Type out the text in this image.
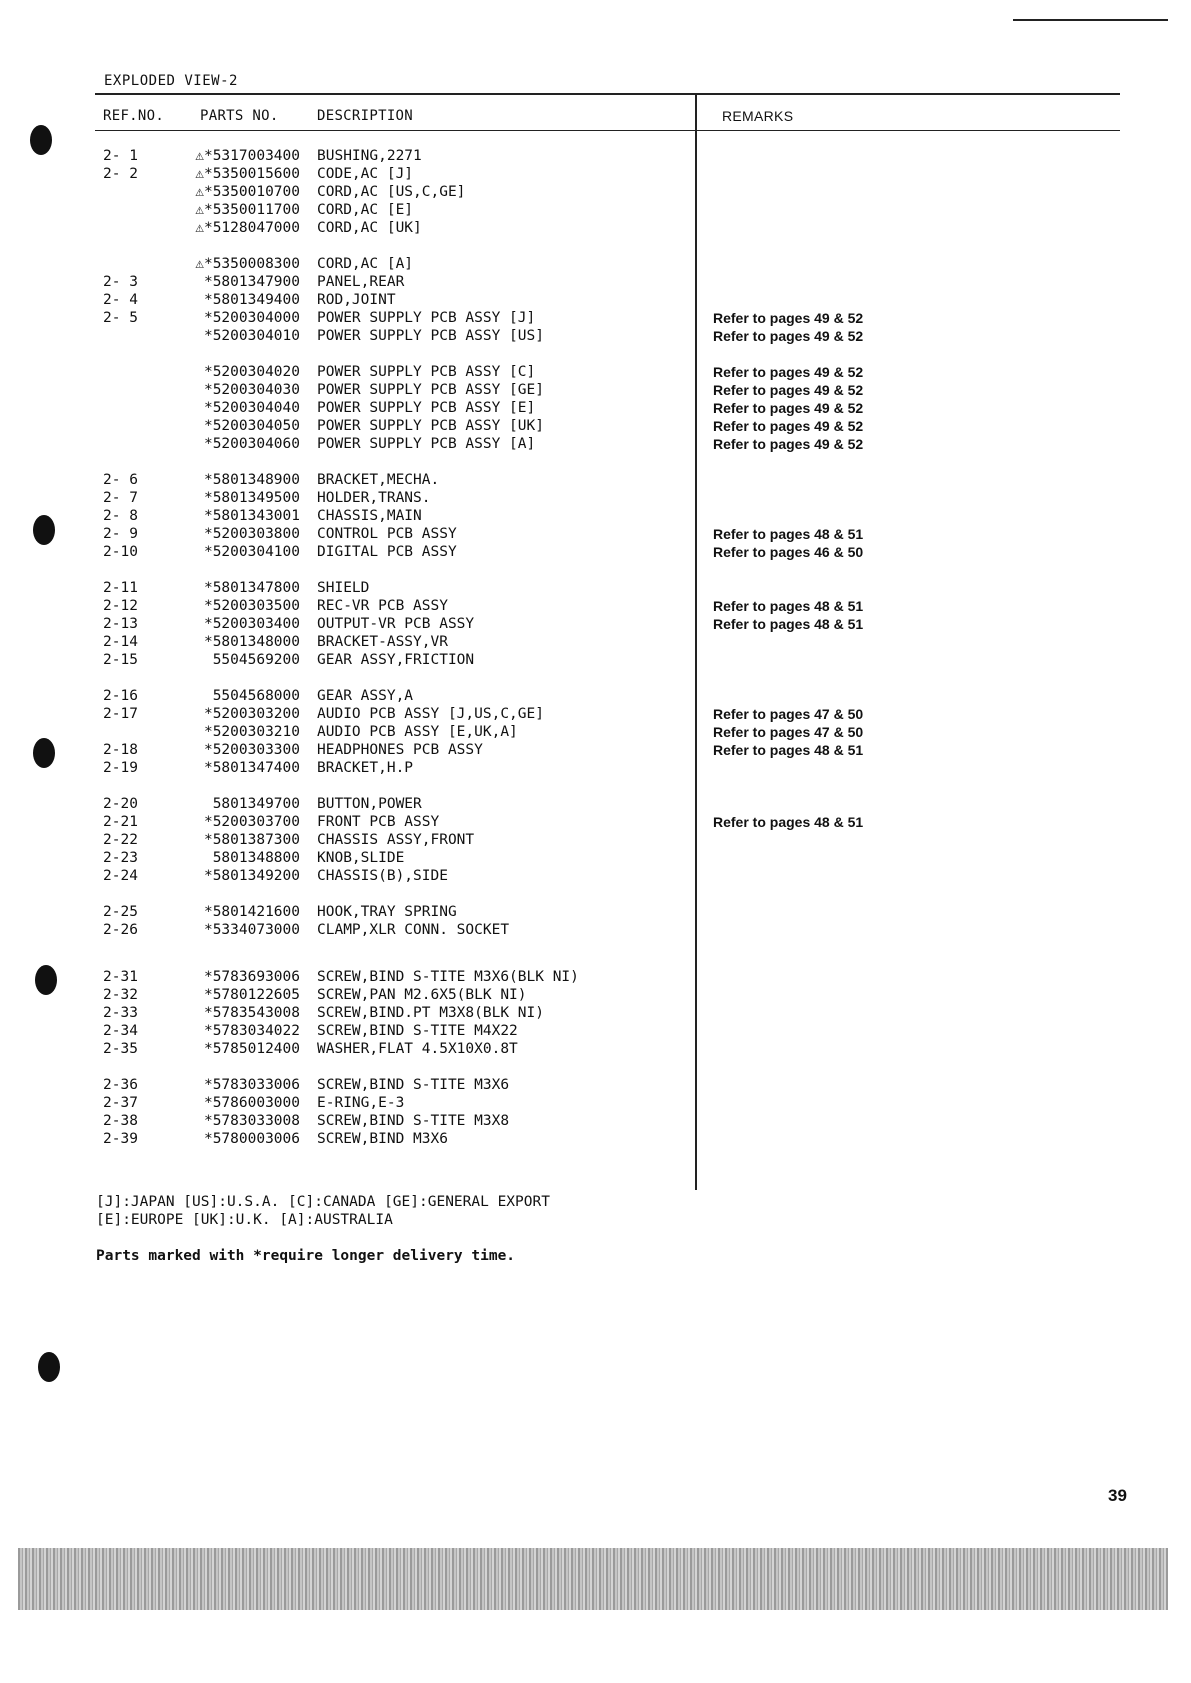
EXPLODED VIEW-2
REF.NO.	PARTS NO.	DESCRIPTION	REMARKS
2- 1	⚠*5317003400 BUSHING,2271
2- 2	⚠*5350015600 CODE,AC [J]
⚠*5350010700 CORD,AC [US,C,GE]
⚠*5350011700 CORD,AC [E]
⚠*5128047000 CORD,AC [UK]
⚠*5350008300 CORD,AC [A]
2- 3	*5801347900 PANEL,REAR
2- 4	*5801349400 ROD,JOINT
2- 5	*5200304000 POWER SUPPLY PCB ASSY [J]	Refer to pages 49 & 52
*5200304010 POWER SUPPLY PCB ASSY [US]	Refer to pages 49 & 52
*5200304020 POWER SUPPLY PCB ASSY [C]	Refer to pages 49 & 52
*5200304030 POWER SUPPLY PCB ASSY [GE]	Refer to pages 49 & 52
*5200304040 POWER SUPPLY PCB ASSY [E]	Refer to pages 49 & 52
*5200304050 POWER SUPPLY PCB ASSY [UK]	Refer to pages 49 & 52
*5200304060 POWER SUPPLY PCB ASSY [A]	Refer to pages 49 & 52
2- 6	*5801348900 BRACKET,MECHA.
2- 7	*5801349500 HOLDER,TRANS.
2- 8	*5801343001 CHASSIS,MAIN
2- 9	*5200303800 CONTROL PCB ASSY	Refer to pages 48 & 51
2-10	*5200304100 DIGITAL PCB ASSY	Refer to pages 46 & 50
2-11	*5801347800 SHIELD
2-12	*5200303500 REC-VR PCB ASSY	Refer to pages 48 & 51
2-13	*5200303400 OUTPUT-VR PCB ASSY	Refer to pages 48 & 51
2-14	*5801348000 BRACKET-ASSY,VR
2-15	5504569200 GEAR ASSY,FRICTION
2-16	5504568000 GEAR ASSY,A
2-17	*5200303200 AUDIO PCB ASSY [J,US,C,GE]	Refer to pages 47 & 50
*5200303210 AUDIO PCB ASSY [E,UK,A]	Refer to pages 47 & 50
2-18	*5200303300 HEADPHONES PCB ASSY	Refer to pages 48 & 51
2-19	*5801347400 BRACKET,H.P
2-20	5801349700 BUTTON,POWER
2-21	*5200303700 FRONT PCB ASSY	Refer to pages 48 & 51
2-22	*5801387300 CHASSIS ASSY,FRONT
2-23	5801348800 KNOB,SLIDE
2-24	*5801349200 CHASSIS(B),SIDE
2-25	*5801421600 HOOK,TRAY SPRING
2-26	*5334073000 CLAMP,XLR CONN. SOCKET
2-31	*5783693006 SCREW,BIND S-TITE M3X6(BLK NI)
2-32	*5780122605 SCREW,PAN M2.6X5(BLK NI)
2-33	*5783543008 SCREW,BIND.PT M3X8(BLK NI)
2-34	*5783034022 SCREW,BIND S-TITE M4X22
2-35	*5785012400 WASHER,FLAT 4.5X10X0.8T
2-36	*5783033006 SCREW,BIND S-TITE M3X6
2-37	*5786003000 E-RING,E-3
2-38	*5783033008 SCREW,BIND S-TITE M3X8
2-39	*5780003006 SCREW,BIND M3X6
[J]:JAPAN [US]:U.S.A. [C]:CANADA [GE]:GENERAL EXPORT
[E]:EUROPE [UK]:U.K. [A]:AUSTRALIA
Parts marked with *require longer delivery time.
39
